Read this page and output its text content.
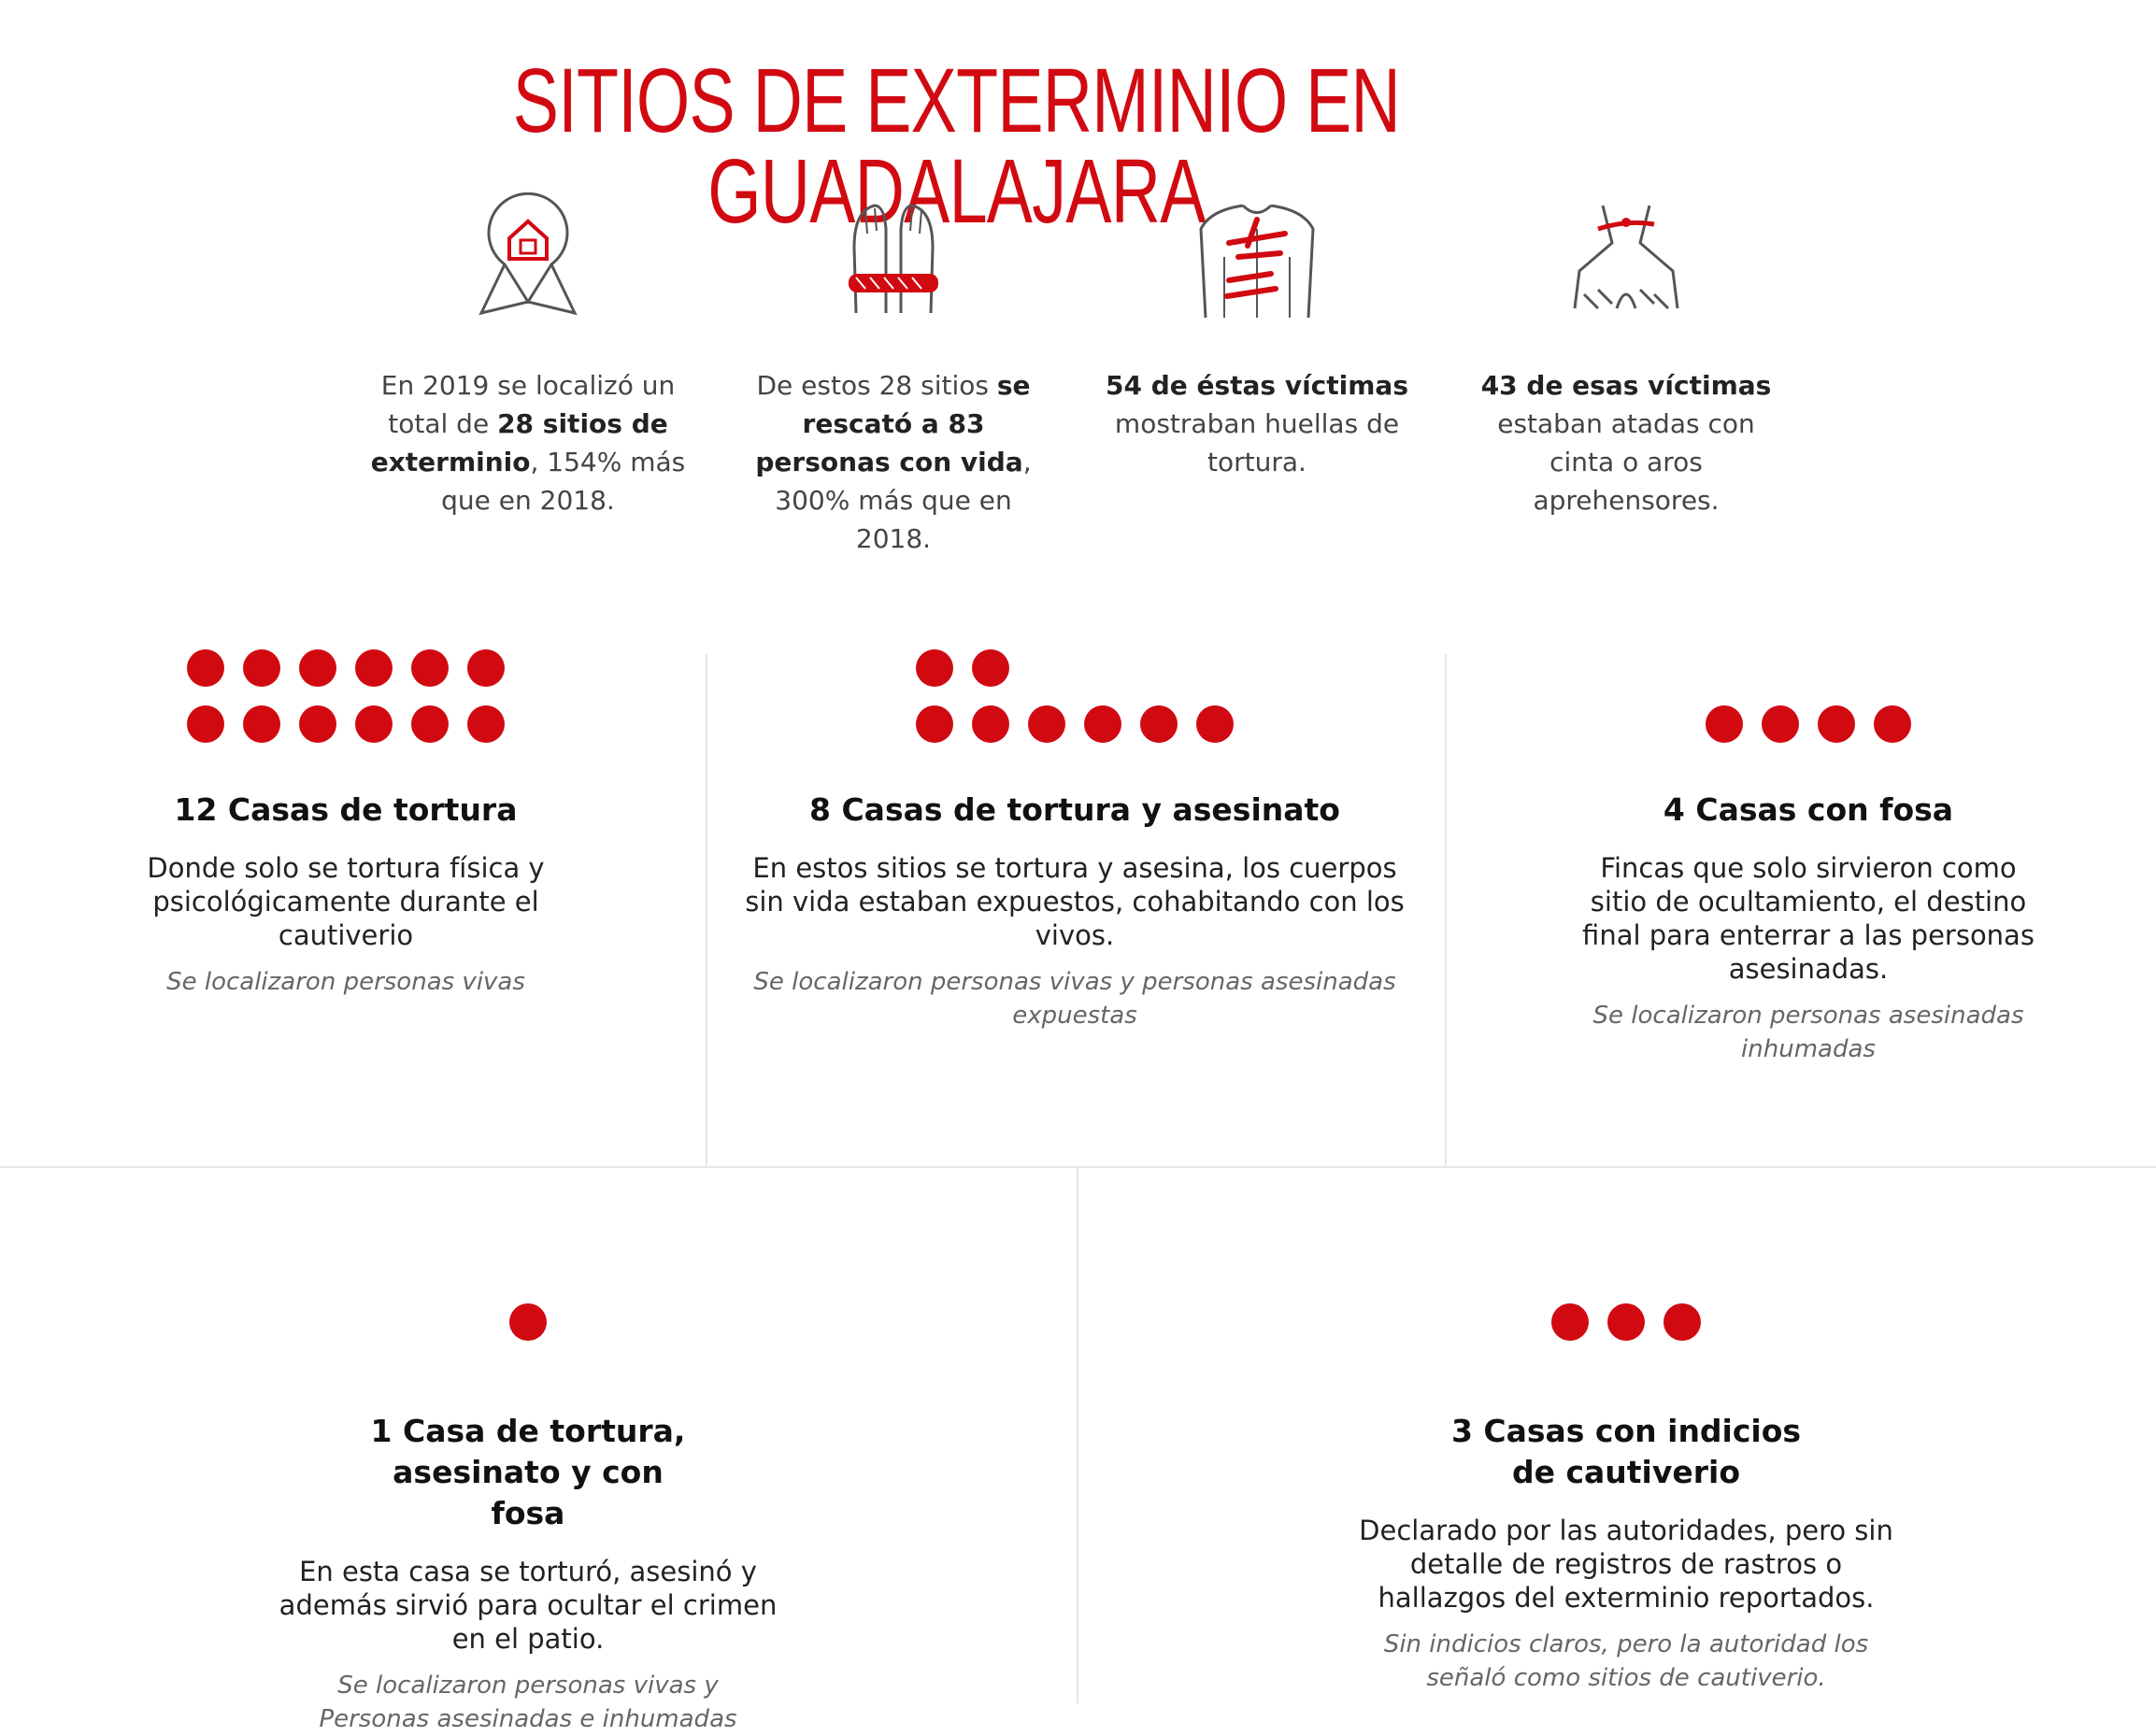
SITIOS DE EXTERMINIO EN GUADALAJARA

En 2019 se localizó un total de 28 sitios de exterminio, 154% más que en 2018.

De estos 28 sitios se rescató a 83 personas con vida, 300% más que en 2018.

54 de éstas víctimas mostraban huellas de tortura.

43 de esas víctimas estaban atadas con cinta o aros aprehensores.

12 Casas de tortura

Donde solo se tortura física y psicológicamente durante el cautiverio

Se localizaron personas vivas

8 Casas de tortura y asesinato

En estos sitios se tortura y asesina, los cuerpos sin vida estaban expuestos, cohabitando con los vivos.

Se localizaron personas vivas y personas asesinadas expuestas

4 Casas con fosa

Fincas que solo sirvieron como sitio de ocultamiento, el destino final para enterrar a las personas asesinadas.

Se localizaron personas asesinadas inhumadas

1 Casa de tortura, asesinato y con fosa

En esta casa se torturó, asesinó y además sirvió para ocultar el crimen en el patio.

Se localizaron personas vivas y Personas asesinadas e inhumadas

3 Casas con indicios de cautiverio

Declarado por las autoridades, pero sin detalle de registros de rastros o hallazgos del exterminio reportados.

Sin indicios claros, pero la autoridad los señaló como sitios de cautiverio.
